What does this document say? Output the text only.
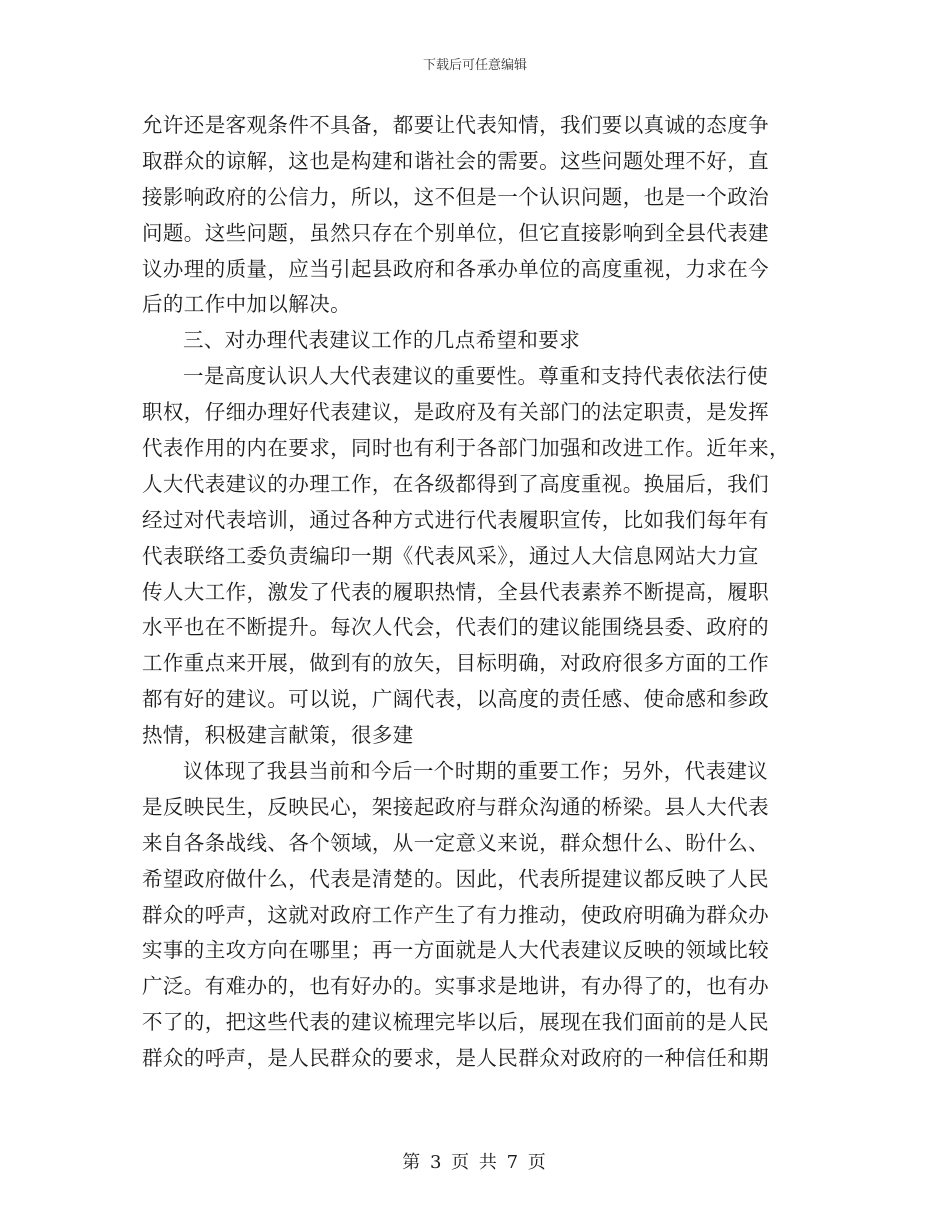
下载后可任意编辑
允许还是客观条件不具备，都要让代表知情，我们要以真诚的态度争
取群众的谅解，这也是构建和谐社会的需要。这些问题处理不好，直
接影响政府的公信力，所以，这不但是一个认识问题，也是一个政治
问题。这些问题，虽然只存在个别单位，但它直接影响到全县代表建
议办理的质量，应当引起县政府和各承办单位的高度重视，力求在今
后的工作中加以解决。
三、对办理代表建议工作的几点希望和要求
一是高度认识人大代表建议的重要性。尊重和支持代表依法行使
职权，仔细办理好代表建议，是政府及有关部门的法定职责，是发挥
代表作用的内在要求，同时也有利于各部门加强和改进工作。近年来，
人大代表建议的办理工作，在各级都得到了高度重视。换届后，我们
经过对代表培训，通过各种方式进行代表履职宣传，比如我们每年有
代表联络工委负责编印一期《代表风采》，通过人大信息网站大力宣
传人大工作，激发了代表的履职热情，全县代表素养不断提高，履职
水平也在不断提升。每次人代会，代表们的建议能围绕县委、政府的
工作重点来开展，做到有的放矢，目标明确，对政府很多方面的工作
都有好的建议。可以说，广阔代表，以高度的责任感、使命感和参政
热情，积极建言献策，很多建
议体现了我县当前和今后一个时期的重要工作；另外，代表建议
是反映民生，反映民心，架接起政府与群众沟通的桥梁。县人大代表
来自各条战线、各个领域，从一定意义来说，群众想什么、盼什么、
希望政府做什么，代表是清楚的。因此，代表所提建议都反映了人民
群众的呼声，这就对政府工作产生了有力推动，使政府明确为群众办
实事的主攻方向在哪里；再一方面就是人大代表建议反映的领域比较
广泛。有难办的，也有好办的。实事求是地讲，有办得了的，也有办
不了的，把这些代表的建议梳理完毕以后，展现在我们面前的是人民
群众的呼声，是人民群众的要求，是人民群众对政府的一种信任和期
第 3 页 共 7 页
